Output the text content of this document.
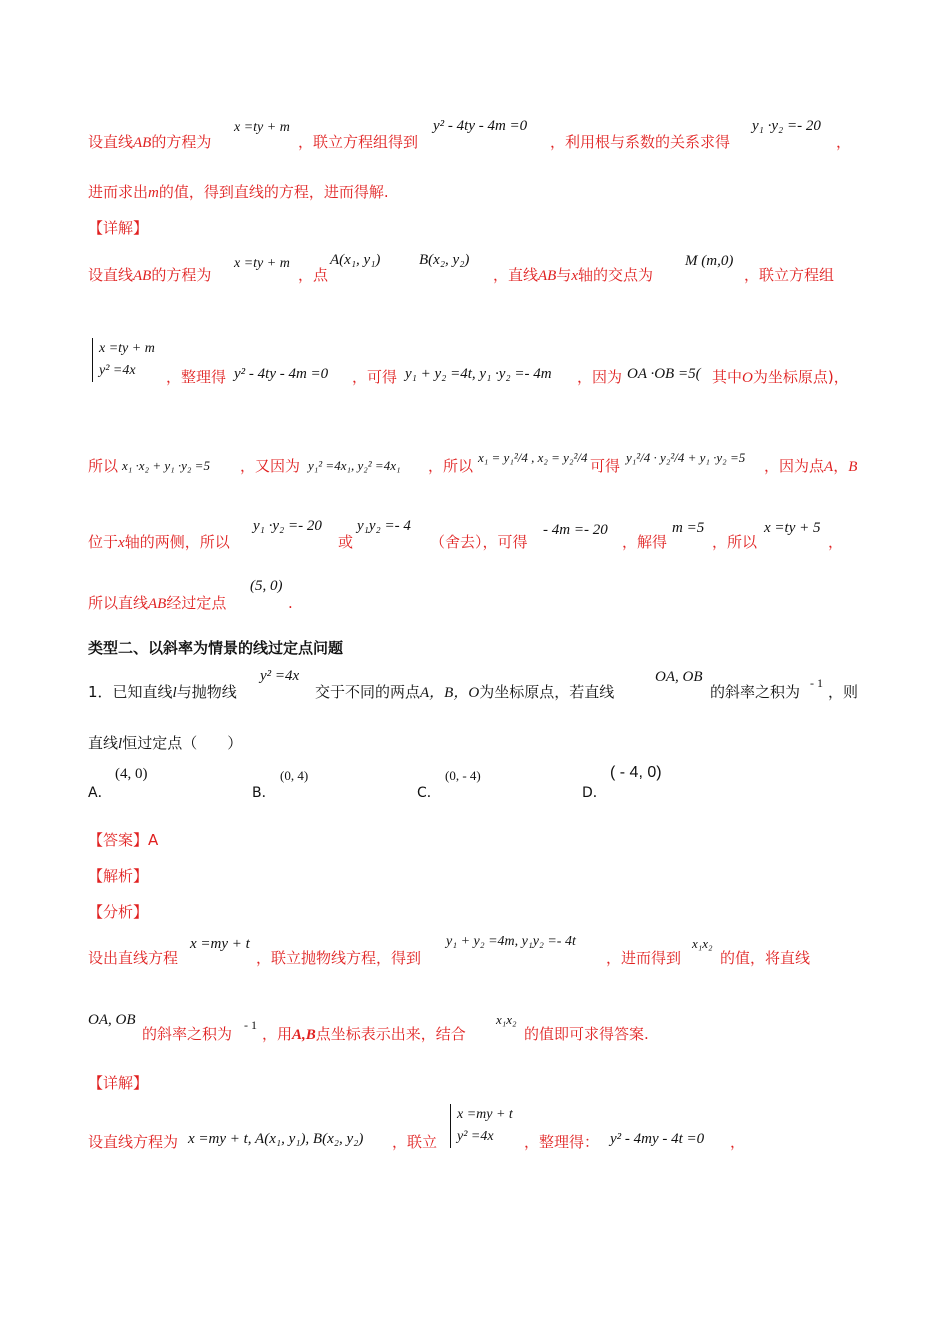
设直线AB的方程为
x =ty + m
，联立方程组得到
y² - 4ty - 4m =0
，利用根与系数的关系求得
y₁ ·y₂ =- 20
，
进而求出m的值，得到直线的方程，进而得解.
【详解】
设直线AB的方程为
x =ty + m
，点
A(x₁, y₁)	B(x₂, y₂)
，直线AB与x轴的交点为
M (m,0)
，联立方程组
x =ty + m
y² =4x	，整理得 y² - 4ty - 4m =0 ，可得 y₁ + y₂ =4t, y₁ ·y₂ =- 4m ，因为 OA ·OB =5( 其中O为坐标原点)，
所以 x₁ ·x₂ + y₁ ·y₂ =5 ，又因为 y₁² =4x₁, y₂² =4x₁ ，所以 x₁ = y₁²/4 , x₂ = y₂²/4 可得 y₁²/4 · y₂²/4 + y₁ ·y₂ =5 ，因为点A，B
位于x轴的两侧，所以
y₁ ·y₂ =- 20
或
y₁y₂ =- 4
（舍去），可得
- 4m =- 20
，解得
m =5
，所以
x =ty + 5
，
所以直线AB经过定点
(5, 0)
.
类型二、以斜率为情景的线过定点问题
1．已知直线l与抛物线
y² =4x
交于不同的两点A，B，O为坐标原点，若直线
OA, OB
的斜率之积为 - 1 ，则
直线l恒过定点（　　）
A．
(4, 0)
B．
(0, 4)
C．
(0, - 4)
D．
( - 4, 0)
【答案】A
【解析】
【分析】
设出直线方程
x =my + t
，联立抛物线方程，得到
y₁ + y₂ =4m, y₁y₂ =- 4t
，进而得到
x₁x₂
的值，将直线
OA, OB
的斜率之积为 - 1 ，用A,B点坐标表示出来，结合
x₁x₂
的值即可求得答案.
【详解】
设直线方程为 x =my + t, A(x₁, y₁), B(x₂, y₂) ，联立
x =my + t
y² =4x	，整理得： y² - 4my - 4t =0 ，
